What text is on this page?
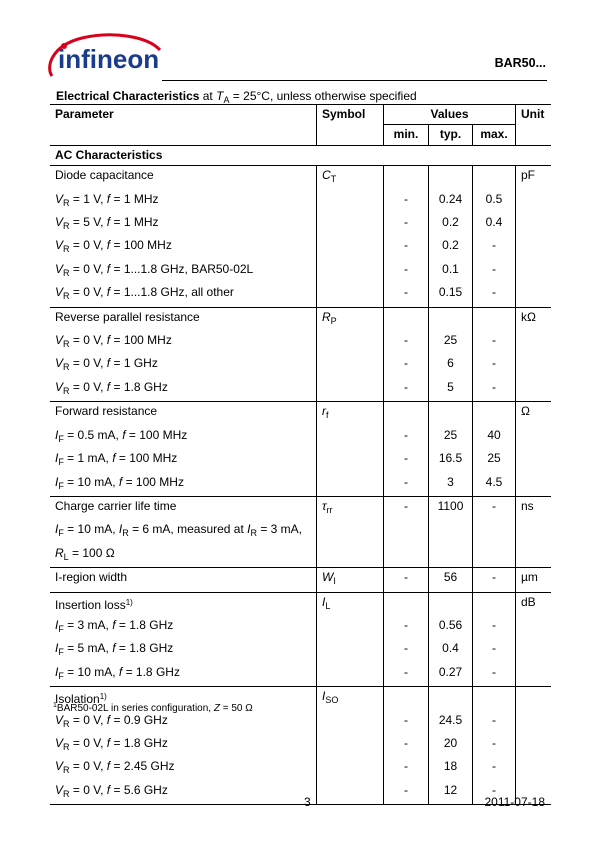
infineon	BAR50...
Electrical Characteristics at $T_A = 25^\circ C$, unless otherwise specified
Parameter	Symbol	Values			Unit
		min.	typ.	max.	
AC Characteristics					
Diode capacitance	$C_T$				pF
$V_R = 1$ V, f = 1 MHz		-	0.24	0.5	
$V_R = 5$ V, f = 1 MHz		-	0.2	0.4	
$V_R = 0$ V, f = 100 MHz		-	0.2	-	
$V_R = 0$ V, f = 1...1.8 GHz, BAR50-02L		-	0.1	-	
$V_R = 0$ V, f = 1...1.8 GHz, all other		-	0.15	-	
Reverse parallel resistance	$R_P$				kΩ
$V_R = 0$ V, f = 100 MHz		-	25	-	
$V_R = 0$ V, f = 1 GHz		-	6	-	
$V_R = 0$ V, f = 1.8 GHz		-	5	-	
Forward resistance	$r_f$				Ω
$I_F = 0.5$ mA, f = 100 MHz		-	25	40	
$I_F = 1$ mA, f = 100 MHz		-	16.5	25	
$I_F = 10$ mA, f = 100 MHz		-	3	4.5	
Charge carrier life time	$\tau_{rr}$	-	1100	-	ns
$I_F = 10$ mA, $I_R = 6$ mA, measured at $I_R = 3$ mA,					
$R_L = 100$ Ω					
I-region width	$W_I$	-	56	-	µm
Insertion loss$^{1)}$	$I_L$				dB
$I_F = 3$ mA, f = 1.8 GHz		-	0.56	-	
$I_F = 5$ mA, f = 1.8 GHz		-	0.4	-	
$I_F = 10$ mA, f = 1.8 GHz		-	0.27	-	
Isolation$^{1)}$	$I_{SO}$				
$V_R = 0$ V, f = 0.9 GHz		-	24.5	-	
$V_R = 0$ V, f = 1.8 GHz		-	20	-	
$V_R = 0$ V, f = 2.45 GHz		-	18	-	
$V_R = 0$ V, f = 5.6 GHz		-	12	-	
$^1$BAR50-02L in series configuration, Z = 50 Ω
3	2011-07-18
